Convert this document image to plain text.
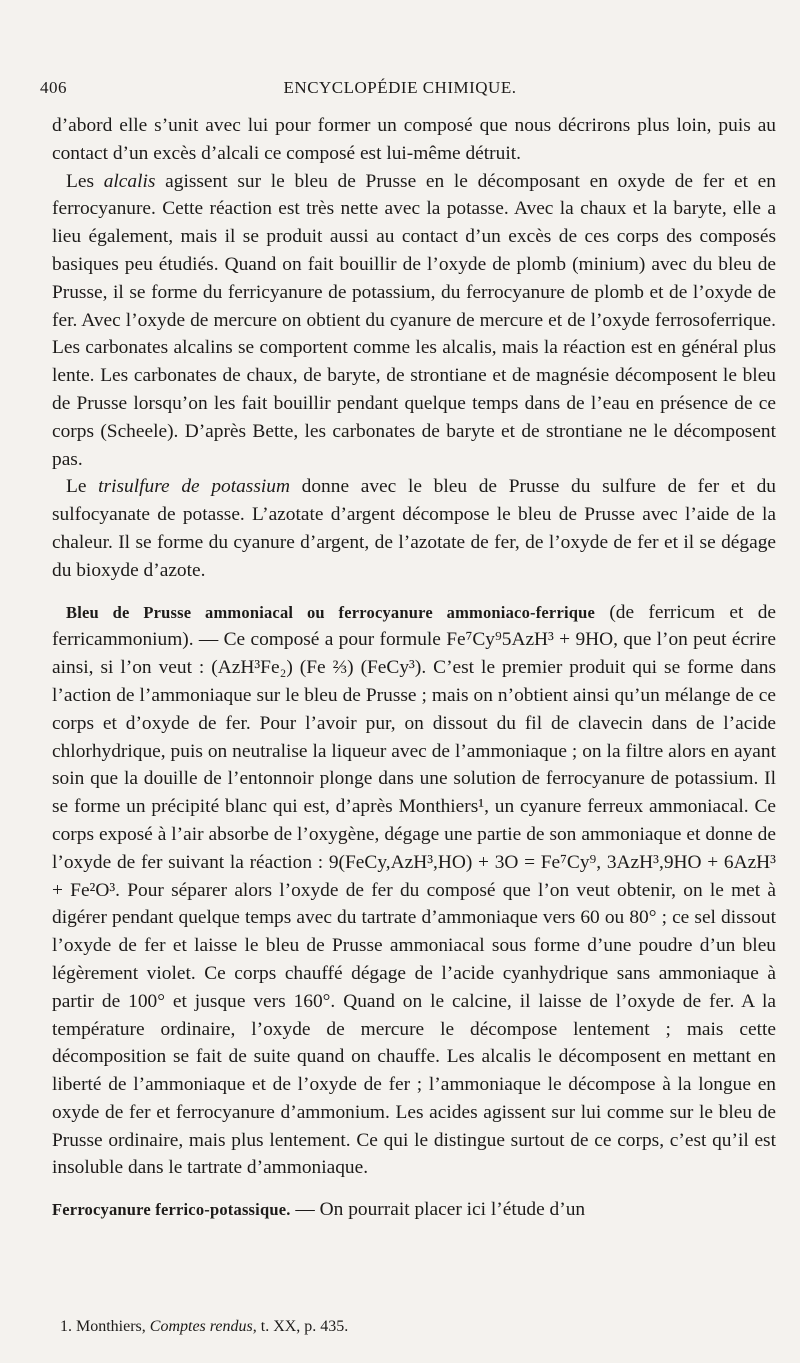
406	ENCYCLOPÉDIE CHIMIQUE.

d’abord elle s’unit avec lui pour former un composé que nous décrirons plus loin, puis au contact d’un excès d’alcali ce composé est lui-même détruit.

Les alcalis agissent sur le bleu de Prusse en le décomposant en oxyde de fer et en ferrocyanure. Cette réaction est très nette avec la potasse. Avec la chaux et la baryte, elle a lieu également, mais il se produit aussi au contact d’un excès de ces corps des composés basiques peu étudiés. Quand on fait bouillir de l’oxyde de plomb (minium) avec du bleu de Prusse, il se forme du ferricyanure de potassium, du ferrocyanure de plomb et de l’oxyde de fer. Avec l’oxyde de mercure on obtient du cyanure de mercure et de l’oxyde ferrosoferrique. Les carbonates alcalins se comportent comme les alcalis, mais la réaction est en général plus lente. Les carbonates de chaux, de baryte, de strontiane et de magnésie décomposent le bleu de Prusse lorsqu’on les fait bouillir pendant quelque temps dans de l’eau en présence de ce corps (Scheele). D’après Bette, les carbonates de baryte et de strontiane ne le décomposent pas.

Le trisulfure de potassium donne avec le bleu de Prusse du sulfure de fer et du sulfocyanate de potasse. L’azotate d’argent décompose le bleu de Prusse avec l’aide de la chaleur. Il se forme du cyanure d’argent, de l’azotate de fer, de l’oxyde de fer et il se dégage du bioxyde d’azote.

Bleu de Prusse ammoniacal ou ferrocyanure ammoniaco-ferrique (de ferricum et de ferricammonium). — Ce composé a pour formule Fe⁷Cy⁹5AzH³ + 9HO, que l’on peut écrire ainsi, si l’on veut : (AzH³Fe₂) (Fe ⅔) (FeCy³). C’est le premier produit qui se forme dans l’action de l’ammoniaque sur le bleu de Prusse ; mais on n’obtient ainsi qu’un mélange de ce corps et d’oxyde de fer. Pour l’avoir pur, on dissout du fil de clavecin dans de l’acide chlorhydrique, puis on neutralise la liqueur avec de l’ammoniaque ; on la filtre alors en ayant soin que la douille de l’entonnoir plonge dans une solution de ferrocyanure de potassium. Il se forme un précipité blanc qui est, d’après Monthiers¹, un cyanure ferreux ammoniacal. Ce corps exposé à l’air absorbe de l’oxygène, dégage une partie de son ammoniaque et donne de l’oxyde de fer suivant la réaction : 9(FeCy,AzH³,HO) + 3O = Fe⁷Cy⁹, 3AzH³,9HO + 6AzH³ + Fe²O³. Pour séparer alors l’oxyde de fer du composé que l’on veut obtenir, on le met à digérer pendant quelque temps avec du tartrate d’ammoniaque vers 60 ou 80° ; ce sel dissout l’oxyde de fer et laisse le bleu de Prusse ammoniacal sous forme d’une poudre d’un bleu légèrement violet. Ce corps chauffé dégage de l’acide cyanhydrique sans ammoniaque à partir de 100° et jusque vers 160°. Quand on le calcine, il laisse de l’oxyde de fer. A la température ordinaire, l’oxyde de mercure le décompose lentement ; mais cette décomposition se fait de suite quand on chauffe. Les alcalis le décomposent en mettant en liberté de l’ammoniaque et de l’oxyde de fer ; l’ammoniaque le décompose à la longue en oxyde de fer et ferrocyanure d’ammonium. Les acides agissent sur lui comme sur le bleu de Prusse ordinaire, mais plus lentement. Ce qui le distingue surtout de ce corps, c’est qu’il est insoluble dans le tartrate d’ammoniaque.

Ferrocyanure ferrico-potassique. — On pourrait placer ici l’étude d’un

1. Monthiers, Comptes rendus, t. XX, p. 435.
